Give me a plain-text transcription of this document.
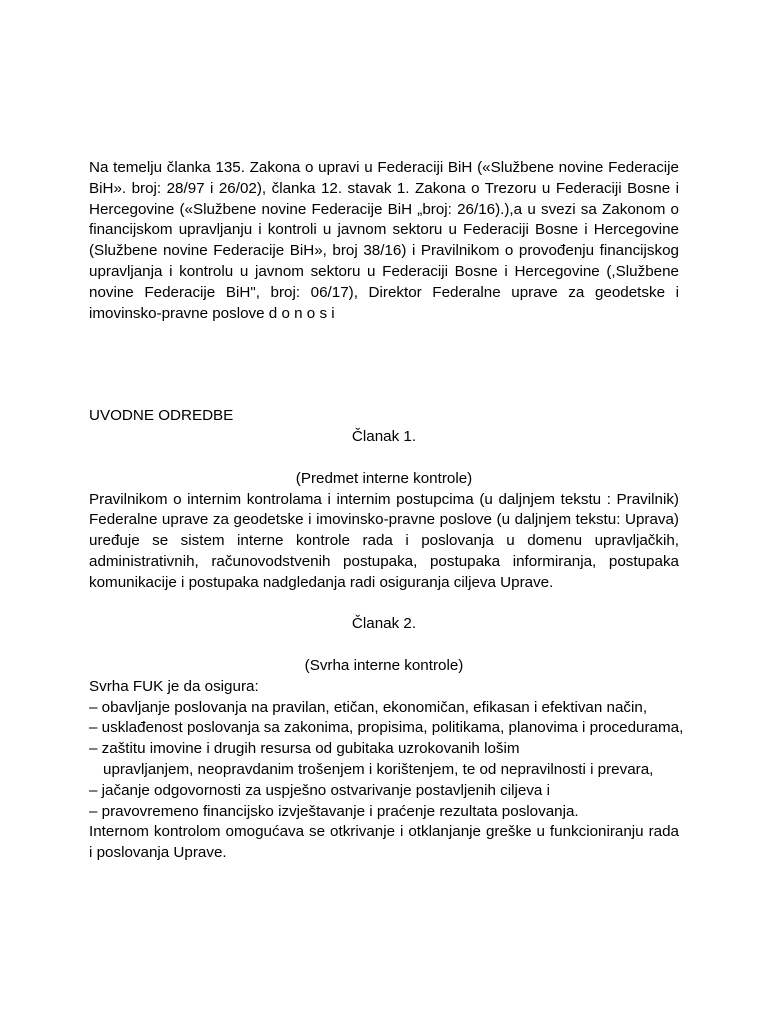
Na temelju članka 135. Zakona o upravi u Federaciji BiH («Službene novine Federacije BiH». broj: 28/97 i 26/02), članka 12. stavak 1. Zakona o Trezoru u Federaciji Bosne i Hercegovine («Službene novine Federacije BiH „broj: 26/16).),a u svezi sa Zakonom o financijskom upravljanju i kontroli u javnom sektoru u Federaciji Bosne i Hercegovine (Službene novine Federacije BiH», broj 38/16) i Pravilnikom o provođenju financijskog upravljanja i kontrolu u javnom sektoru u Federaciji Bosne i Hercegovine (,Službene novine Federacije BiH", broj: 06/17), Direktor Federalne uprave za geodetske i imovinsko-pravne poslove d o n o s i

UVODNE ODREDBE

Članak 1.

(Predmet interne kontrole)

Pravilnikom o internim kontrolama i internim postupcima (u daljnjem tekstu : Pravilnik) Federalne uprave za geodetske i imovinsko-pravne poslove (u daljnjem tekstu: Uprava) uređuje se sistem interne kontrole rada i poslovanja u domenu upravljačkih, administrativnih, računovodstvenih postupaka, postupaka informiranja, postupaka komunikacije i postupaka nadgledanja radi osiguranja ciljeva Uprave.

Članak 2.

(Svrha interne kontrole)

Svrha FUK je da osigura:

– obavljanje poslovanja na pravilan, etičan, ekonomičan, efikasan i efektivan način,

– usklađenost poslovanja sa zakonima, propisima, politikama, planovima i procedurama,

– zaštitu imovine i drugih resursa od gubitaka uzrokovanih lošim

upravljanjem, neopravdanim trošenjem i korištenjem, te od nepravilnosti i prevara,

– jačanje odgovornosti za uspješno ostvarivanje postavljenih ciljeva i

– pravovremeno financijsko izvještavanje i praćenje rezultata poslovanja.

Internom kontrolom omogućava se otkrivanje i otklanjanje greške u funkcioniranju rada i poslovanja Uprave.
